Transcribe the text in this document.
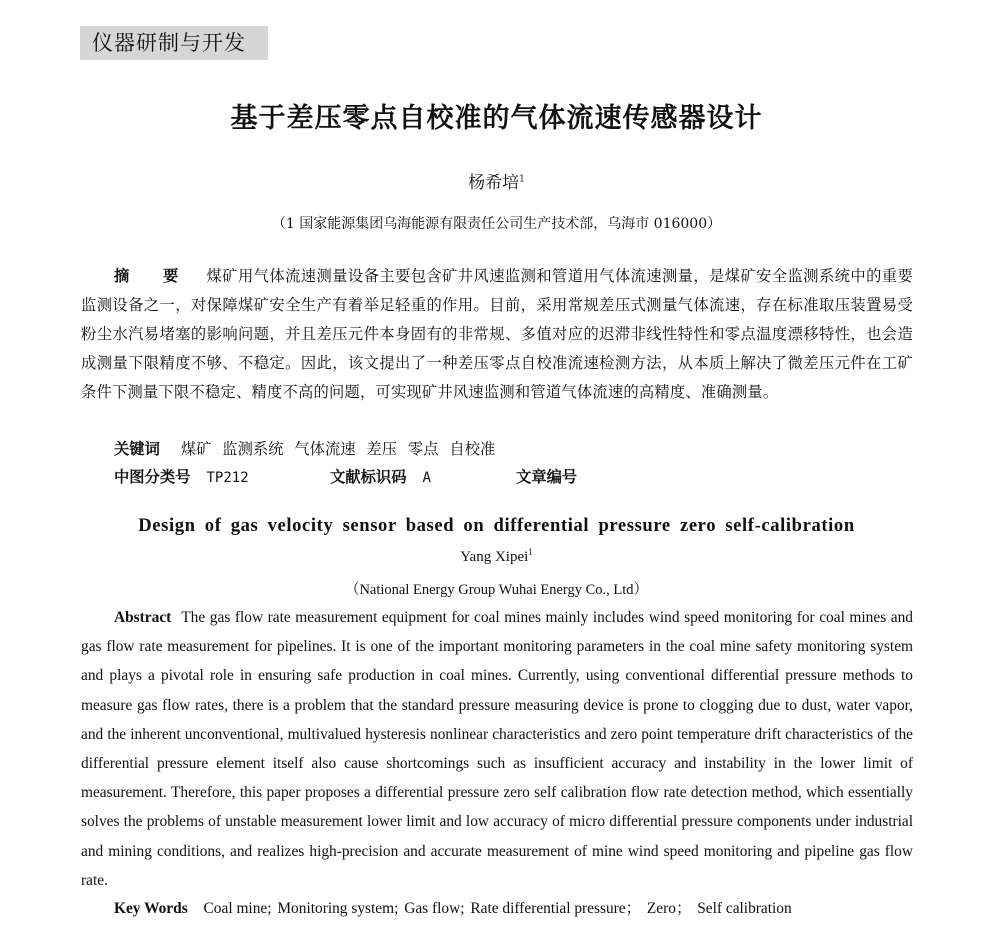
仪器研制与开发
基于差压零点自校准的气体流速传感器设计
杨希培$^1$
（1 国家能源集团乌海能源有限责任公司生产技术部，乌海市 016000）
摘 要 煤矿用气体流速测量设备主要包含矿井风速监测和管道用气体流速测量，是煤矿安全监测系统中的重要监测设备之一，对保障煤矿安全生产有着举足轻重的作用。目前，采用常规差压式测量气体流速，存在标准取压装置易受粉尘水汽易堵塞的影响问题，并且差压元件本身固有的非常规、多值对应的迟滞非线性特性和零点温度漂移特性，也会造成测量下限精度不够、不稳定。因此，该文提出了一种差压零点自校准流速检测方法，从本质上解决了微差压元件在工矿条件下测量下限不稳定、精度不高的问题，可实现矿井风速监测和管道气体流速的高精度、准确测量。
关键词 煤矿 监测系统 气体流速 差压 零点 自校准
中图分类号 TP212	文献标识码 A	文章编号
Design of gas velocity sensor based on differential pressure zero self-calibration
Yang Xipei$^1$
（National Energy Group Wuhai Energy Co., Ltd）
Abstract The gas flow rate measurement equipment for coal mines mainly includes wind speed monitoring for coal mines and gas flow rate measurement for pipelines. It is one of the important monitoring parameters in the coal mine safety monitoring system and plays a pivotal role in ensuring safe production in coal mines. Currently, using conventional differential pressure methods to measure gas flow rates, there is a problem that the standard pressure measuring device is prone to clogging due to dust, water vapor, and the inherent unconventional, multivalued hysteresis nonlinear characteristics and zero point temperature drift characteristics of the differential pressure element itself also cause shortcomings such as insufficient accuracy and instability in the lower limit of measurement. Therefore, this paper proposes a differential pressure zero self calibration flow rate detection method, which essentially solves the problems of unstable measurement lower limit and low accuracy of micro differential pressure components under industrial and mining conditions, and realizes high-precision and accurate measurement of mine wind speed monitoring and pipeline gas flow rate.
Key Words Coal mine; Monitoring system; Gas flow; Rate differential pressure； Zero； Self calibration
